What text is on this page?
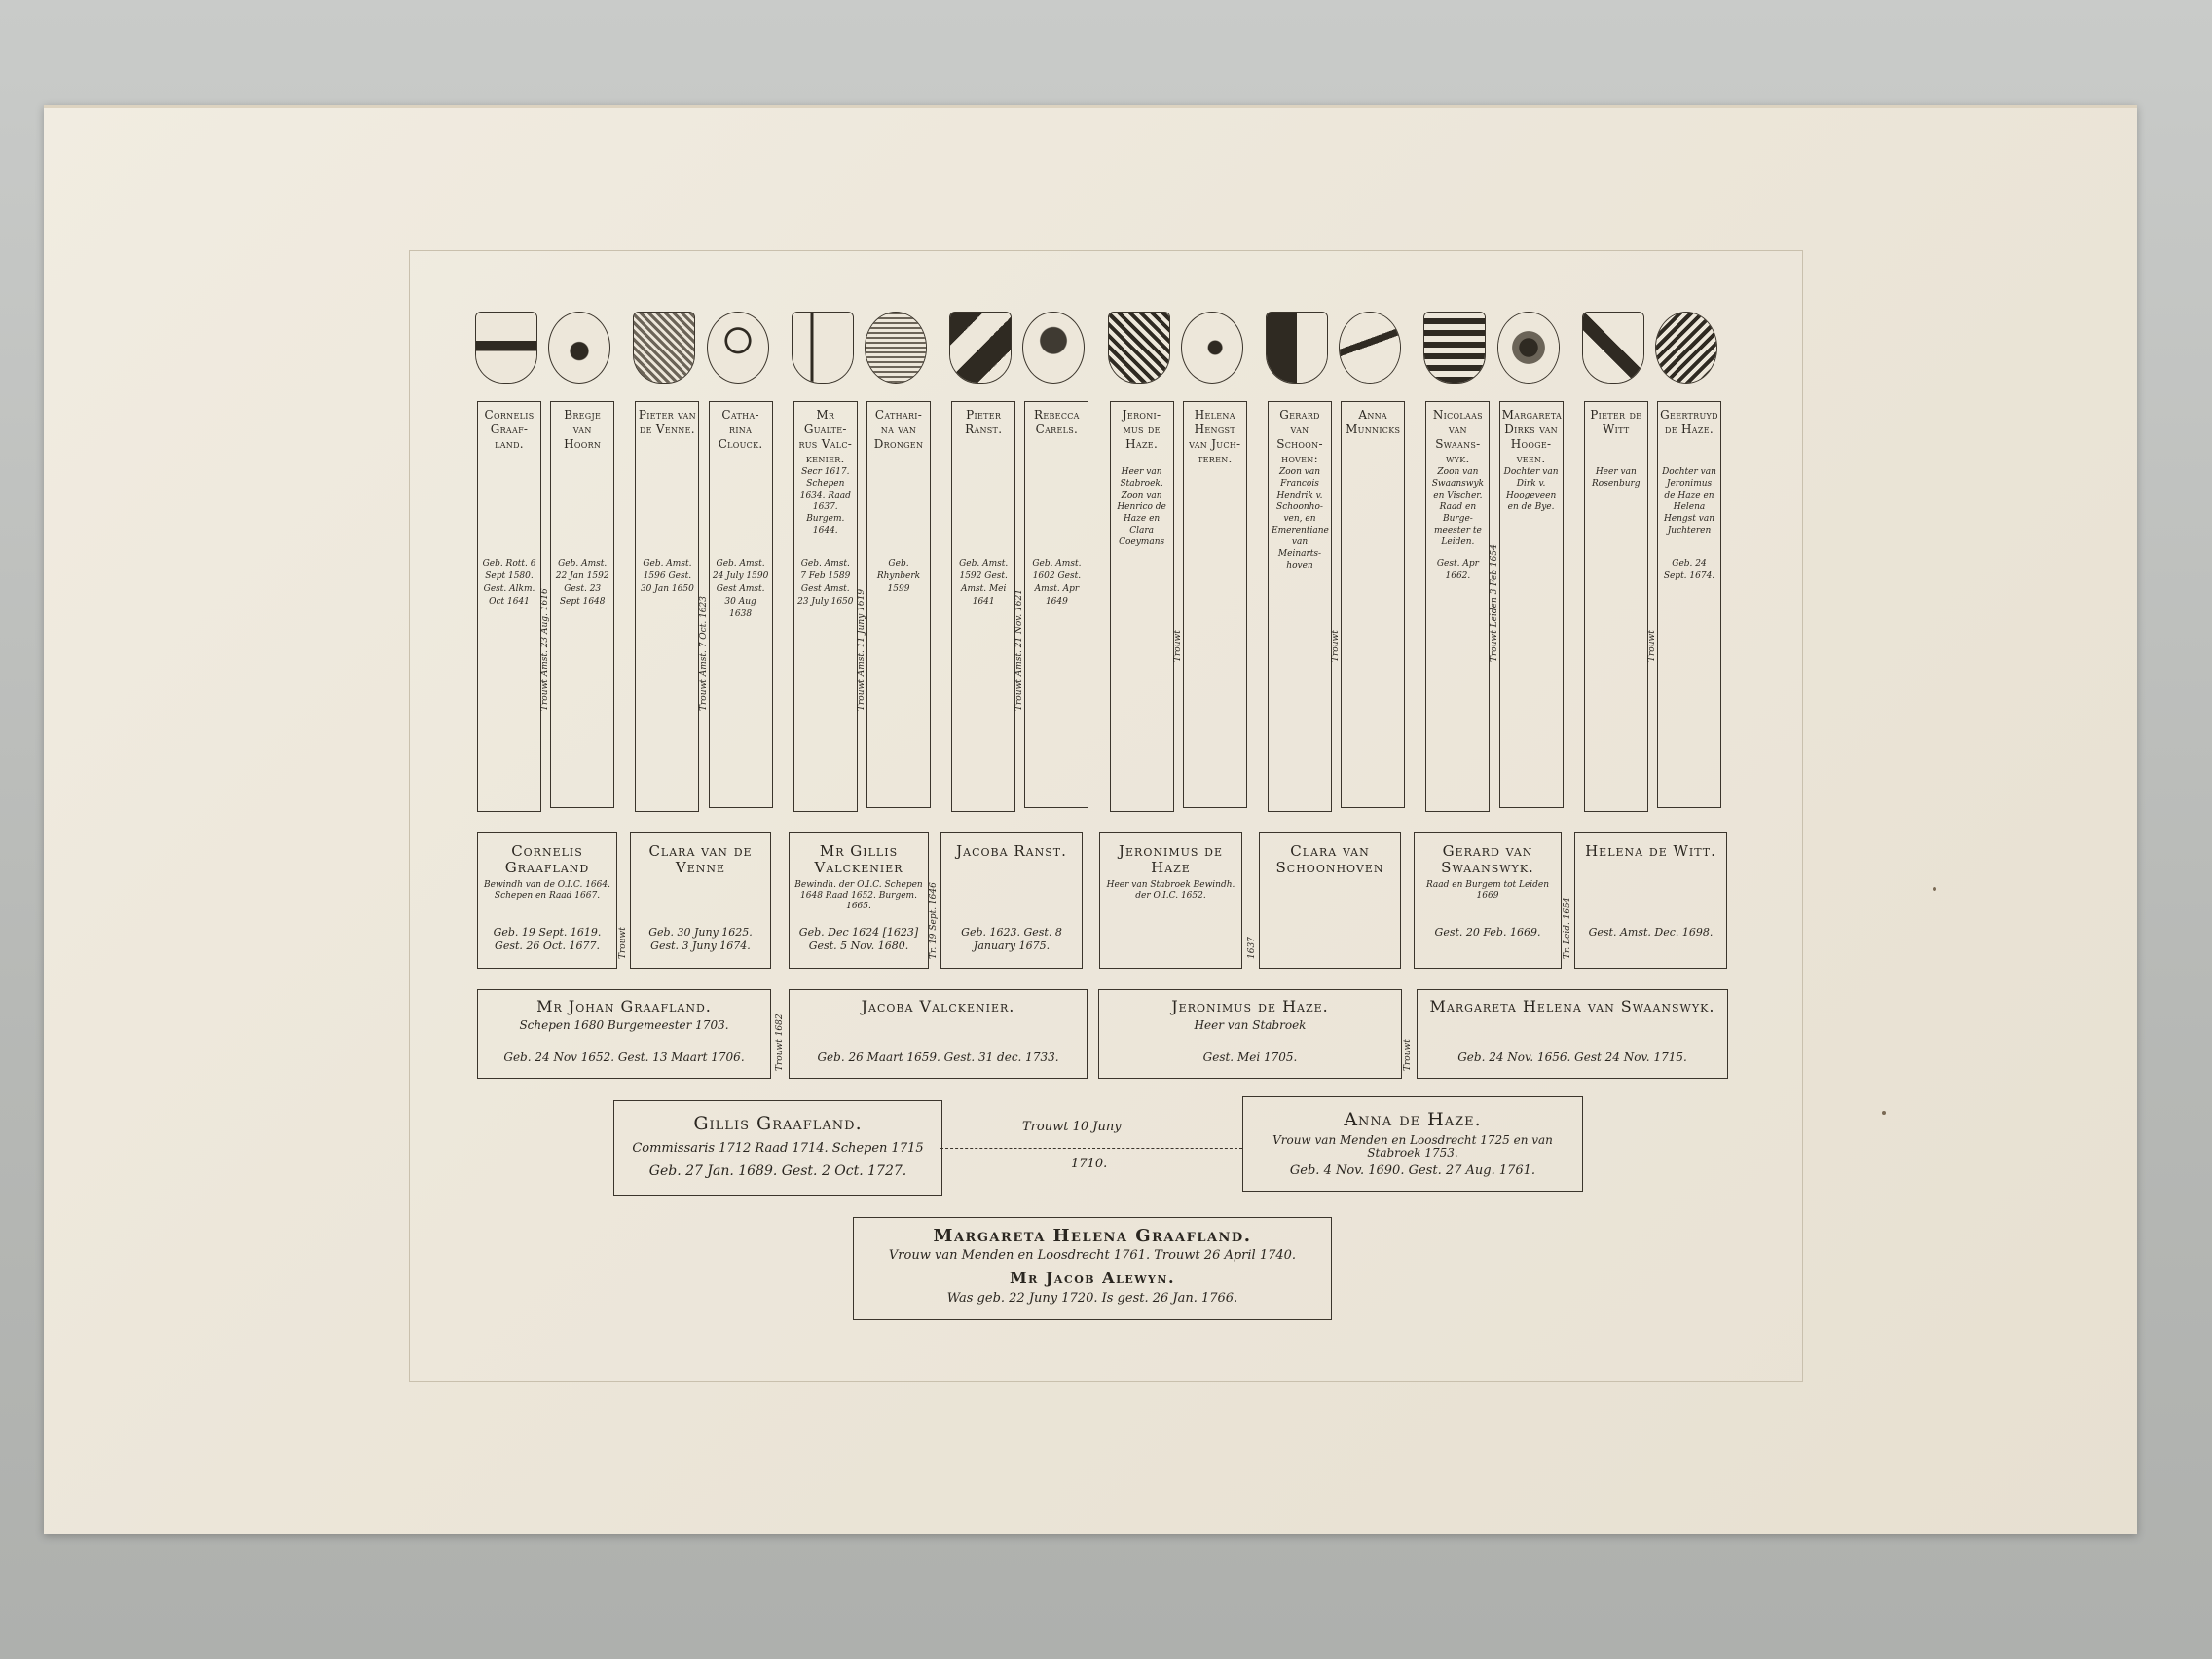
Cornelis Graaf-land.
Geb. Rott. 6 Sept 1580. Gest. Alkm. Oct 1641
Bregje van Hoorn
Geb. Amst. 22 Jan 1592 Gest. 23 Sept 1648
Pieter van de Venne.
Geb. Amst. 1596 Gest. 30 Jan 1650
Catha-rina Clouck.
Geb. Amst. 24 July 1590 Gest Amst. 30 Aug 1638
Mr Gualte-rus Valc-kenier.
Secr 1617. Schepen 1634. Raad 1637. Burgem. 1644.
Geb. Amst. 7 Feb 1589 Gest Amst. 23 July 1650
Cathari-na van Drongen
Geb. Rhynberk 1599
Pieter Ranst.
Geb. Amst. 1592 Gest. Amst. Mei 1641
Rebecca Carels.
Geb. Amst. 1602 Gest. Amst. Apr 1649
Jeroni-mus de Haze.
Heer van Stabroek. Zoon van Henrico de Haze en Clara Coeymans
Helena Hengst van Juch-teren.
Gerard van Schoon-hoven:
Zoon van Francois Hendrik v. Schoonho-ven, en Emerentiane van Meinarts-hoven
Anna Munnicks
Nicolaas van Swaans-wyk.
Zoon van Swaanswyk en Vischer. Raad en Burge-meester te Leiden.
Gest. Apr 1662.
Margareta Dirks van Hooge-veen.
Dochter van Dirk v. Hoogeveen en de Bye.
Pieter de Witt
Heer van Rosenburg
Geertruyd de Haze.
Dochter van Jeronimus de Haze en Helena Hengst van Juchteren
Geb. 24 Sept. 1674.
Trouwt Amst. 23 Aug. 1616	Trouwt Amst. 7 Oct. 1623	Trouwt Amst. 11 Juny 1619	Trouwt Amst. 21 Nov. 1621	Trouwt	Trouwt	Trouwt Leiden 3 Feb 1654	Trouwt
Cornelis Graafland
Bewindh van de O.I.C. 1664. Schepen en Raad 1667.
Geb. 19 Sept. 1619. Gest. 26 Oct. 1677.
Clara van de Venne
Geb. 30 Juny 1625. Gest. 3 Juny 1674.
Mr Gillis Valckenier
Bewindh. der O.I.C. Schepen 1648 Raad 1652. Burgem. 1665.
Geb. Dec 1624 [1623] Gest. 5 Nov. 1680.
Jacoba Ranst.
Geb. 1623. Gest. 8 January 1675.
Jeronimus de Haze
Heer van Stabroek Bewindh. der O.I.C. 1652.
Clara van Schoonhoven
Gerard van Swaanswyk.
Raad en Burgem tot Leiden 1669
Gest. 20 Feb. 1669.
Helena de Witt.
Gest. Amst. Dec. 1698.
Trouwt	Tr. 19 Sept. 1646	1637	Tr. Leid. 1654
Mr Johan Graafland.
Schepen 1680 Burgemeester 1703.
Geb. 24 Nov 1652. Gest. 13 Maart 1706.
Jacoba Valckenier.
Geb. 26 Maart 1659. Gest. 31 dec. 1733.
Jeronimus de Haze.
Heer van Stabroek
Gest. Mei 1705.
Margareta Helena van Swaanswyk.
Geb. 24 Nov. 1656. Gest 24 Nov. 1715.
Trouwt 1682	Trouwt
Gillis Graafland.
Commissaris 1712 Raad 1714. Schepen 1715
Geb. 27 Jan. 1689. Gest. 2 Oct. 1727.
Trouwt 10 Juny
1710.
Anna de Haze.
Vrouw van Menden en Loosdrecht 1725 en van Stabroek 1753.
Geb. 4 Nov. 1690. Gest. 27 Aug. 1761.
Margareta Helena Graafland.
Vrouw van Menden en Loosdrecht 1761. Trouwt 26 April 1740.
Mr Jacob Alewyn.
Was geb. 22 Juny 1720. Is gest. 26 Jan. 1766.
